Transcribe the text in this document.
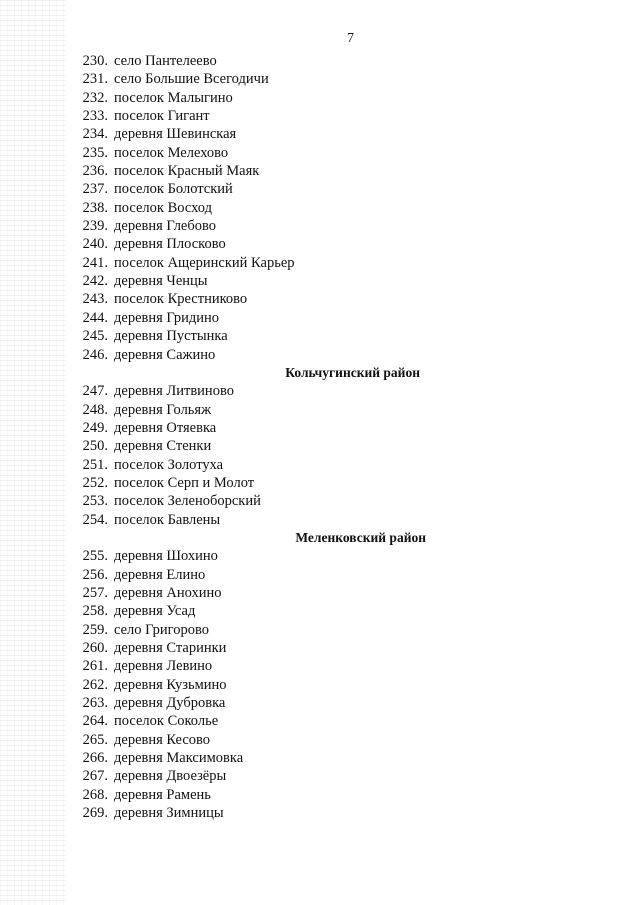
7
230. село Пантелеево
231. село Большие Всегодичи
232. поселок Малыгино
233. поселок Гигант
234. деревня Шевинская
235. поселок Мелехово
236. поселок Красный Маяк
237. поселок Болотский
238. поселок Восход
239. деревня Глебово
240. деревня Плосково
241. поселок Ащеринский Карьер
242. деревня Ченцы
243. поселок Крестниково
244. деревня Гридино
245. деревня Пустынка
246. деревня Сажино
Кольчугинский район
247. деревня Литвиново
248. деревня Гольяж
249. деревня Отяевка
250. деревня Стенки
251. поселок Золотуха
252. поселок Серп и Молот
253. поселок Зеленоборский
254. поселок Бавлены
Меленковский район
255. деревня Шохино
256. деревня Елино
257. деревня Анохино
258. деревня Усад
259. село Григорово
260. деревня Старинки
261. деревня Левино
262. деревня Кузьмино
263. деревня Дубровка
264. поселок Соколье
265. деревня Кесово
266. деревня Максимовка
267. деревня Двоезёры
268. деревня Рамень
269. деревня Зимницы
